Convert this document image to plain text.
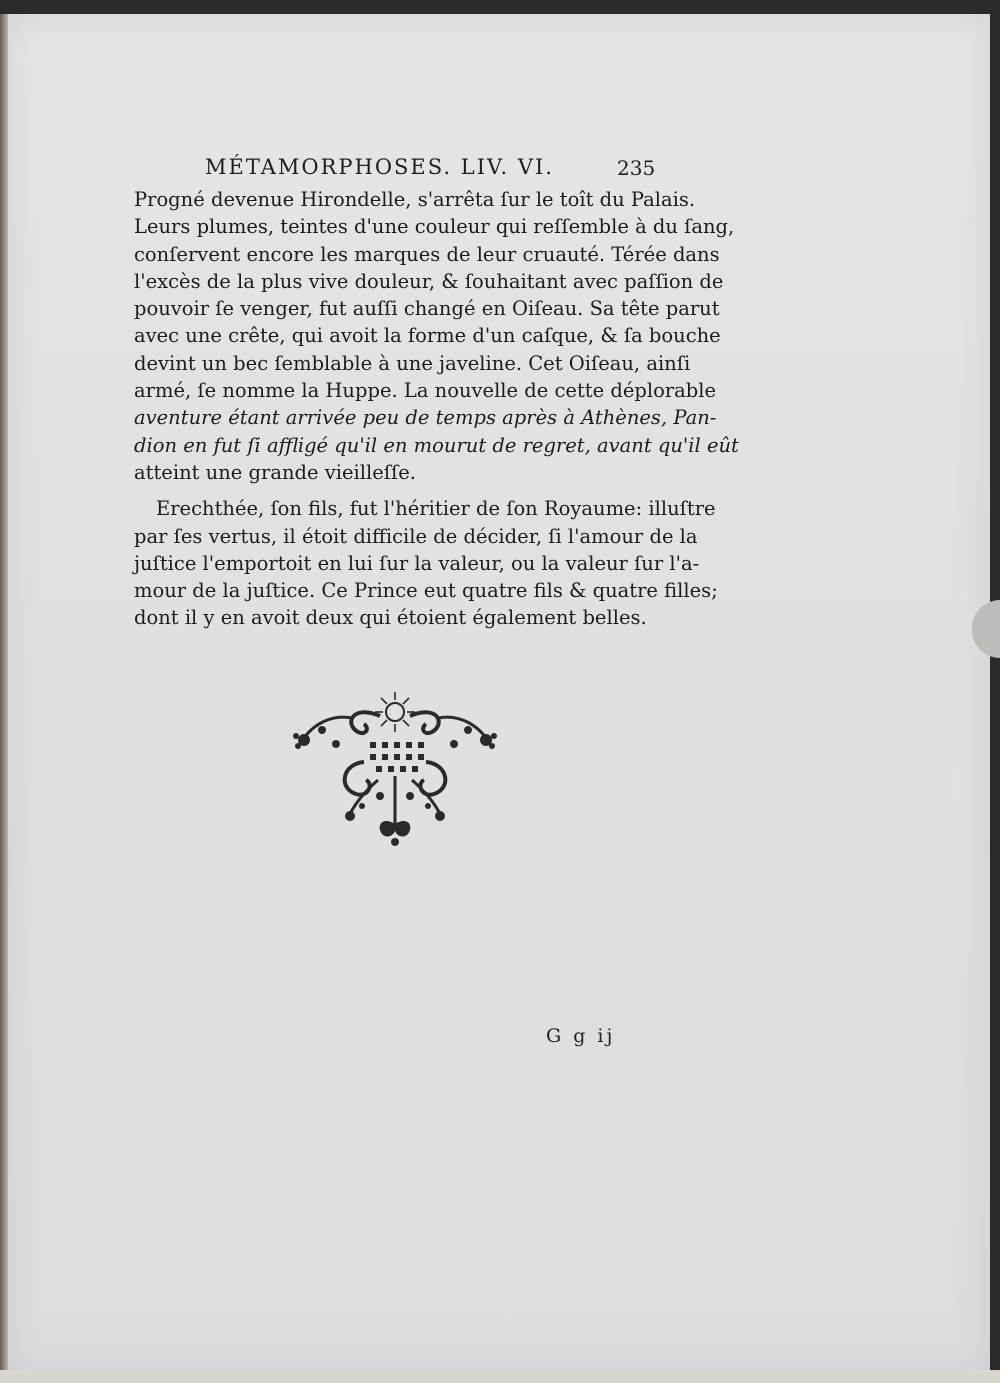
MÉTAMORPHOSES. LIV. VI.	235
Progné devenue Hirondelle, s'arrêta ſur le toît du Palais.
Leurs plumes, teintes d'une couleur qui reſſemble à du ſang,
conſervent encore les marques de leur cruauté. Térée dans
l'excès de la plus vive douleur, & ſouhaitant avec paſſion de
pouvoir ſe venger, fut auſſi changé en Oiſeau. Sa tête parut
avec une crête, qui avoit la forme d'un caſque, & ſa bouche
devint un bec ſemblable à une javeline. Cet Oiſeau, ainſi
armé, ſe nomme la Huppe. La nouvelle de cette déplorable
aventure étant arrivée peu de temps après à Athènes, Pan-
dion en fut ſi affligé qu'il en mourut de regret, avant qu'il eût
atteint une grande vieilleſſe.
Erechthée, ſon fils, fut l'héritier de ſon Royaume: illuſtre
par ſes vertus, il étoit difficile de décider, ſi l'amour de la
juſtice l'emportoit en lui ſur la valeur, ou la valeur ſur l'a-
mour de la juſtice. Ce Prince eut quatre fils & quatre filles;
dont il y en avoit deux qui étoient également belles.
G g ij
